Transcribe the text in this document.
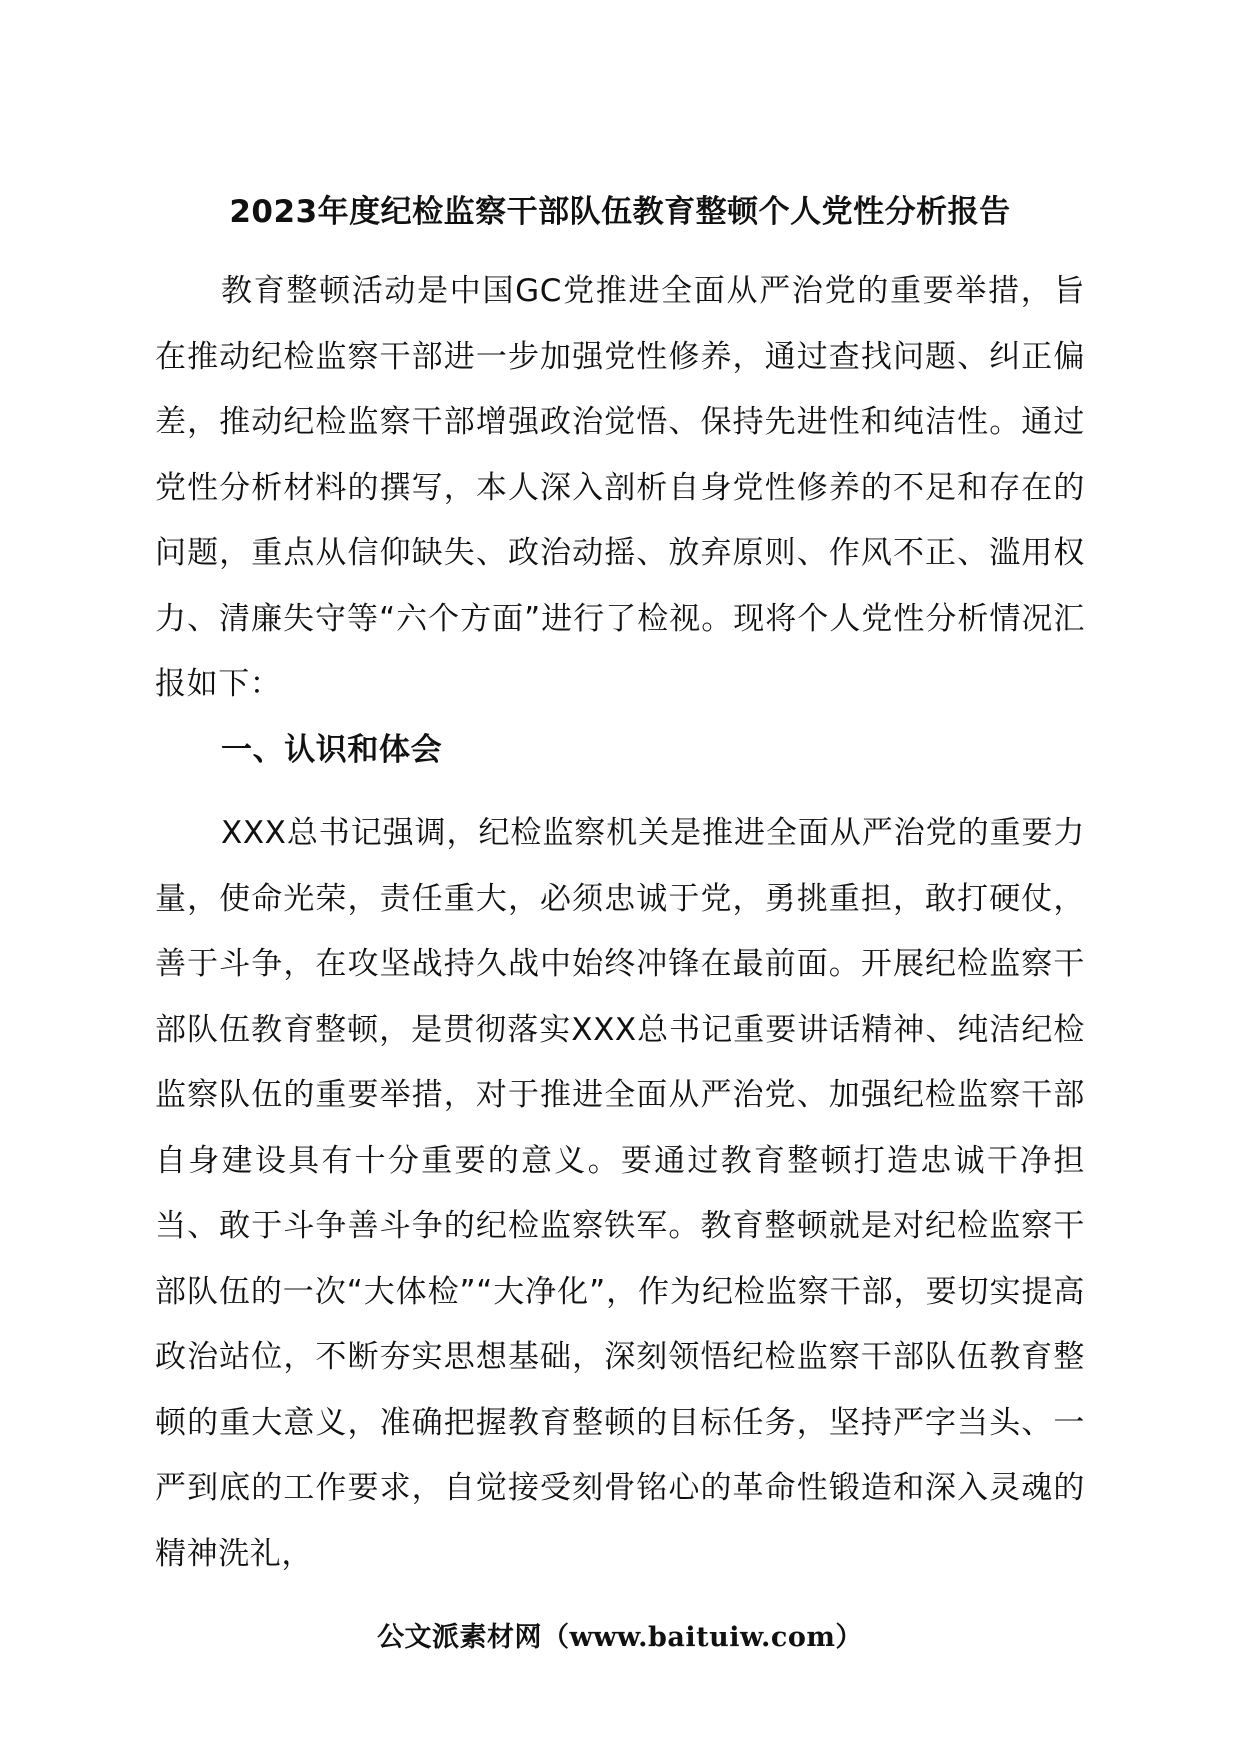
2023年度纪检监察干部队伍教育整顿个人党性分析报告

教育整顿活动是中国GC党推进全面从严治党的重要举措，旨在推动纪检监察干部进一步加强党性修养，通过查找问题、纠正偏差，推动纪检监察干部增强政治觉悟、保持先进性和纯洁性。通过党性分析材料的撰写，本人深入剖析自身党性修养的不足和存在的问题，重点从信仰缺失、政治动摇、放弃原则、作风不正、滥用权力、清廉失守等“六个方面”进行了检视。现将个人党性分析情况汇报如下：

一、认识和体会

XXX总书记强调，纪检监察机关是推进全面从严治党的重要力量，使命光荣，责任重大，必须忠诚于党，勇挑重担，敢打硬仗，善于斗争，在攻坚战持久战中始终冲锋在最前面。开展纪检监察干部队伍教育整顿，是贯彻落实XXX总书记重要讲话精神、纯洁纪检监察队伍的重要举措，对于推进全面从严治党、加强纪检监察干部自身建设具有十分重要的意义。要通过教育整顿打造忠诚干净担当、敢于斗争善斗争的纪检监察铁军。教育整顿就是对纪检监察干部队伍的一次“大体检”“大净化”，作为纪检监察干部，要切实提高政治站位，不断夯实思想基础，深刻领悟纪检监察干部队伍教育整顿的重大意义，准确把握教育整顿的目标任务，坚持严字当头、一严到底的工作要求，自觉接受刻骨铭心的革命性锻造和深入灵魂的精神洗礼，

公文派素材网（www.baituiw.com）
